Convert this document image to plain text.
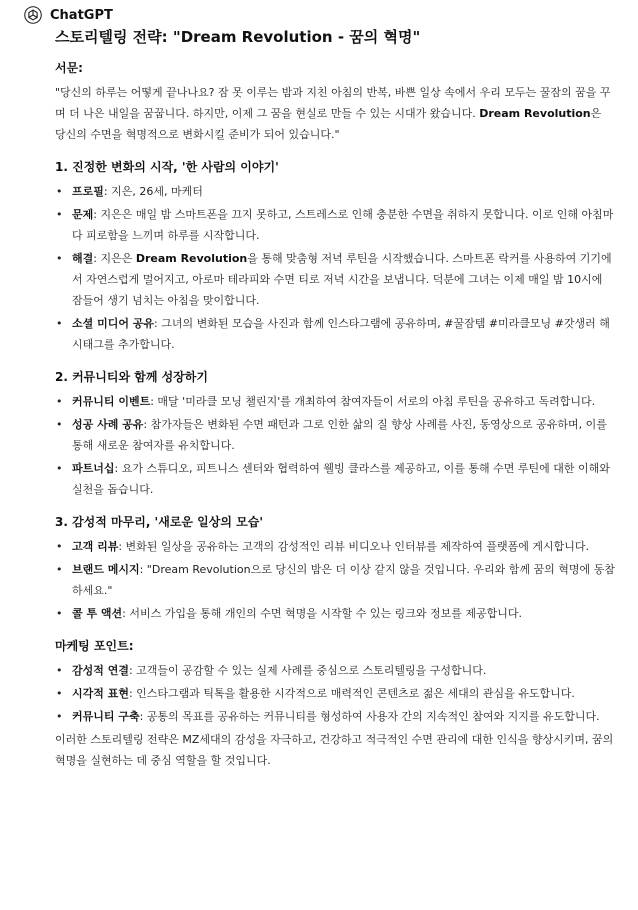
ChatGPT
스토리텔링 전략: "Dream Revolution - 꿈의 혁명"
서문:

"당신의 하루는 어떻게 끝나나요? 잠 못 이루는 밤과 지친 아침의 반복, 바쁜 일상 속에서 우리 모두는 꿀잠의 꿈을 꾸며 더 나은 내일을 꿈꿉니다. 하지만, 이제 그 꿈을 현실로 만들 수 있는 시대가 왔습니다. Dream Revolution은 당신의 수면을 혁명적으로 변화시킬 준비가 되어 있습니다."

1. 진정한 변화의 시작, '한 사람의 이야기'
• 프로필: 지은, 26세, 마케터
• 문제: 지은은 매일 밤 스마트폰을 끄지 못하고, 스트레스로 인해 충분한 수면을 취하지 못합니다. 이로 인해 아침마다 피로함을 느끼며 하루를 시작합니다.
• 해결: 지은은 Dream Revolution을 통해 맞춤형 저녁 루틴을 시작했습니다. 스마트폰 락커를 사용하여 기기에서 자연스럽게 멀어지고, 아로마 테라피와 수면 티로 저녁 시간을 보냅니다. 덕분에 그녀는 이제 매일 밤 10시에 잠들어 생기 넘치는 아침을 맞이합니다.
• 소셜 미디어 공유: 그녀의 변화된 모습을 사진과 함께 인스타그램에 공유하며, #꿀잠템 #미라클모닝 #갓생러 해시태그를 추가합니다.
2. 커뮤니티와 함께 성장하기
• 커뮤니티 이벤트: 매달 '미라클 모닝 챌린지'를 개최하여 참여자들이 서로의 아침 루틴을 공유하고 독려합니다.
• 성공 사례 공유: 참가자들은 변화된 수면 패턴과 그로 인한 삶의 질 향상 사례를 사진, 동영상으로 공유하며, 이를 통해 새로운 참여자를 유치합니다.
• 파트너십: 요가 스튜디오, 피트니스 센터와 협력하여 웰빙 클라스를 제공하고, 이를 통해 수면 루틴에 대한 이해와 실천을 돕습니다.
3. 감성적 마무리, '새로운 일상의 모습'
• 고객 리뷰: 변화된 일상을 공유하는 고객의 감성적인 리뷰 비디오나 인터뷰를 제작하여 플랫폼에 게시합니다.
• 브랜드 메시지: "Dream Revolution으로 당신의 밤은 더 이상 같지 않을 것입니다. 우리와 함께 꿈의 혁명에 동참하세요."
• 콜 투 액션: 서비스 가입을 통해 개인의 수면 혁명을 시작할 수 있는 링크와 정보를 제공합니다.
마케팅 포인트:
• 감성적 연결: 고객들이 공감할 수 있는 실제 사례를 중심으로 스토리텔링을 구성합니다.
• 시각적 표현: 인스타그램과 틱톡을 활용한 시각적으로 매력적인 콘텐츠로 젊은 세대의 관심을 유도합니다.
• 커뮤니티 구축: 공통의 목표를 공유하는 커뮤니티를 형성하여 사용자 간의 지속적인 참여와 지지를 유도합니다.

이러한 스토리텔링 전략은 MZ세대의 감성을 자극하고, 건강하고 적극적인 수면 관리에 대한 인식을 향상시키며, 꿈의 혁명을 실현하는 데 중심 역할을 할 것입니다.
